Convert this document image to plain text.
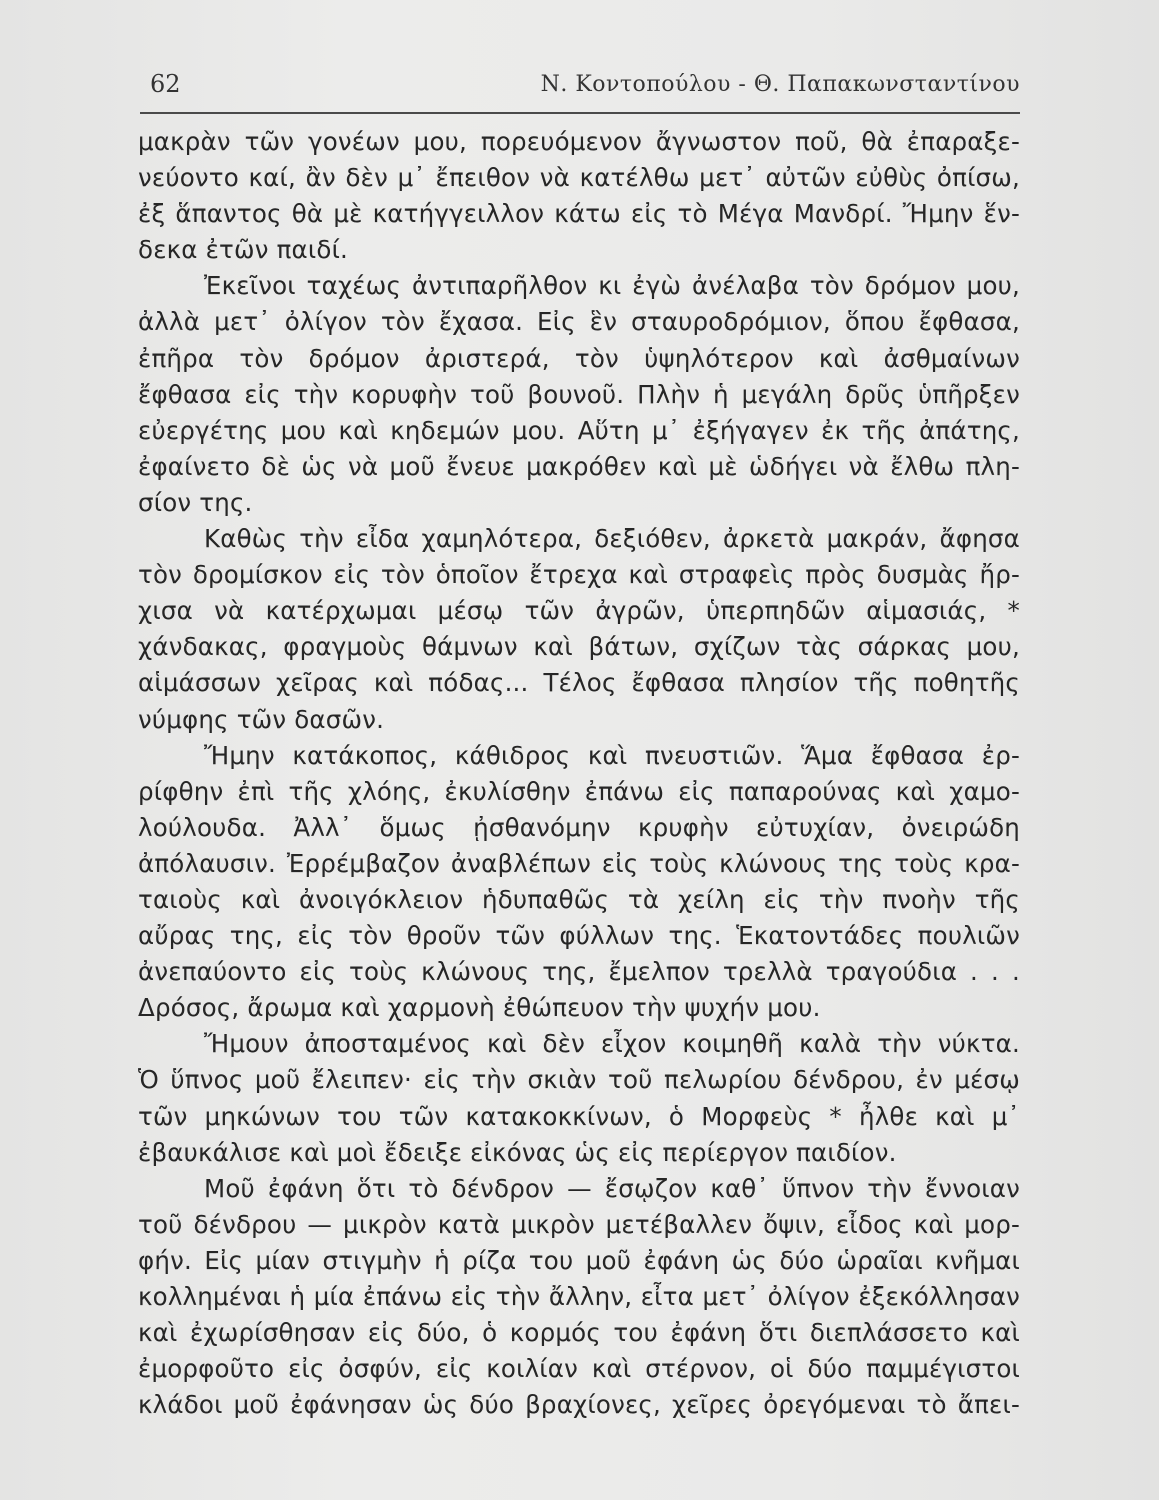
62	Ν. Κοντοπούλου - Θ. Παπακωνσταντίνου
μακρὰν τῶν γονέων μου, πορευόμενον ἄγνωστον ποῦ, θὰ ἐπαραξε-
νεύοντο καί, ἂν δὲν μ᾽ ἔπειθον νὰ κατέλθω μετ᾽ αὐτῶν εὐθὺς ὀπίσω,
ἐξ ἅπαντος θὰ μὲ κατήγγειλλον κάτω εἰς τὸ Μέγα Μανδρί. Ἤμην ἕν-
δεκα ἐτῶν παιδί.
Ἐκεῖνοι ταχέως ἀντιπαρῆλθον κι ἐγὼ ἀνέλαβα τὸν δρόμον μου,
ἀλλὰ μετ᾽ ὀλίγον τὸν ἔχασα. Εἰς ἓν σταυροδρόμιον, ὅπου ἔφθασα,
ἐπῆρα τὸν δρόμον ἀριστερά, τὸν ὑψηλότερον καὶ ἀσθμαίνων
ἔφθασα εἰς τὴν κορυφὴν τοῦ βουνοῦ. Πλὴν ἡ μεγάλη δρῦς ὑπῆρξεν
εὐεργέτης μου καὶ κηδεμών μου. Αὕτη μ᾽ ἐξήγαγεν ἐκ τῆς ἀπάτης,
ἐφαίνετο δὲ ὡς νὰ μοῦ ἔνευε μακρόθεν καὶ μὲ ὡδήγει νὰ ἔλθω πλη-
σίον της.
Καθὼς τὴν εἶδα χαμηλότερα, δεξιόθεν, ἀρκετὰ μακράν, ἄφησα
τὸν δρομίσκον εἰς τὸν ὁποῖον ἔτρεχα καὶ στραφεὶς πρὸς δυσμὰς ἤρ-
χισα νὰ κατέρχωμαι μέσῳ τῶν ἀγρῶν, ὑπερπηδῶν αἱμασιάς, *
χάνδακας, φραγμοὺς θάμνων καὶ βάτων, σχίζων τὰς σάρκας μου,
αἱμάσσων χεῖρας καὶ πόδας... Τέλος ἔφθασα πλησίον τῆς ποθητῆς
νύμφης τῶν δασῶν.
Ἤμην κατάκοπος, κάθιδρος καὶ πνευστιῶν. Ἅμα ἔφθασα ἐρ-
ρίφθην ἐπὶ τῆς χλόης, ἐκυλίσθην ἐπάνω εἰς παπαρούνας καὶ χαμο-
λούλουδα. Ἀλλ᾽ ὅμως ᾐσθανόμην κρυφὴν εὐτυχίαν, ὀνειρώδη
ἀπόλαυσιν. Ἐρρέμβαζον ἀναβλέπων εἰς τοὺς κλώνους της τοὺς κρα-
ταιοὺς καὶ ἀνοιγόκλειον ἡδυπαθῶς τὰ χείλη εἰς τὴν πνοὴν τῆς
αὔρας της, εἰς τὸν θροῦν τῶν φύλλων της. Ἑκατοντάδες πουλιῶν
ἀνεπαύοντο εἰς τοὺς κλώνους της, ἔμελπον τρελλὰ τραγούδια . . .
Δρόσος, ἄρωμα καὶ χαρμονὴ ἐθώπευον τὴν ψυχήν μου.
Ἤμουν ἀποσταμένος καὶ δὲν εἶχον κοιμηθῆ καλὰ τὴν νύκτα.
Ὁ ὕπνος μοῦ ἔλειπεν· εἰς τὴν σκιὰν τοῦ πελωρίου δένδρου, ἐν μέσῳ
τῶν μηκώνων του τῶν κατακοκκίνων, ὁ Μορφεὺς * ἦλθε καὶ μ᾽
ἐβαυκάλισε καὶ μοὶ ἔδειξε εἰκόνας ὡς εἰς περίεργον παιδίον.
Μοῦ ἐφάνη ὅτι τὸ δένδρον — ἔσῳζον καθ᾽ ὕπνον τὴν ἔννοιαν
τοῦ δένδρου — μικρὸν κατὰ μικρὸν μετέβαλλεν ὄψιν, εἶδος καὶ μορ-
φήν. Εἰς μίαν στιγμὴν ἡ ρίζα του μοῦ ἐφάνη ὡς δύο ὡραῖαι κνῆμαι
κολλημέναι ἡ μία ἐπάνω εἰς τὴν ἄλλην, εἶτα μετ᾽ ὀλίγον ἐξεκόλλησαν
καὶ ἐχωρίσθησαν εἰς δύο, ὁ κορμός του ἐφάνη ὅτι διεπλάσσετο καὶ
ἐμορφοῦτο εἰς ὀσφύν, εἰς κοιλίαν καὶ στέρνον, οἱ δύο παμμέγιστοι
κλάδοι μοῦ ἐφάνησαν ὡς δύο βραχίονες, χεῖρες ὀρεγόμεναι τὸ ἄπει-
